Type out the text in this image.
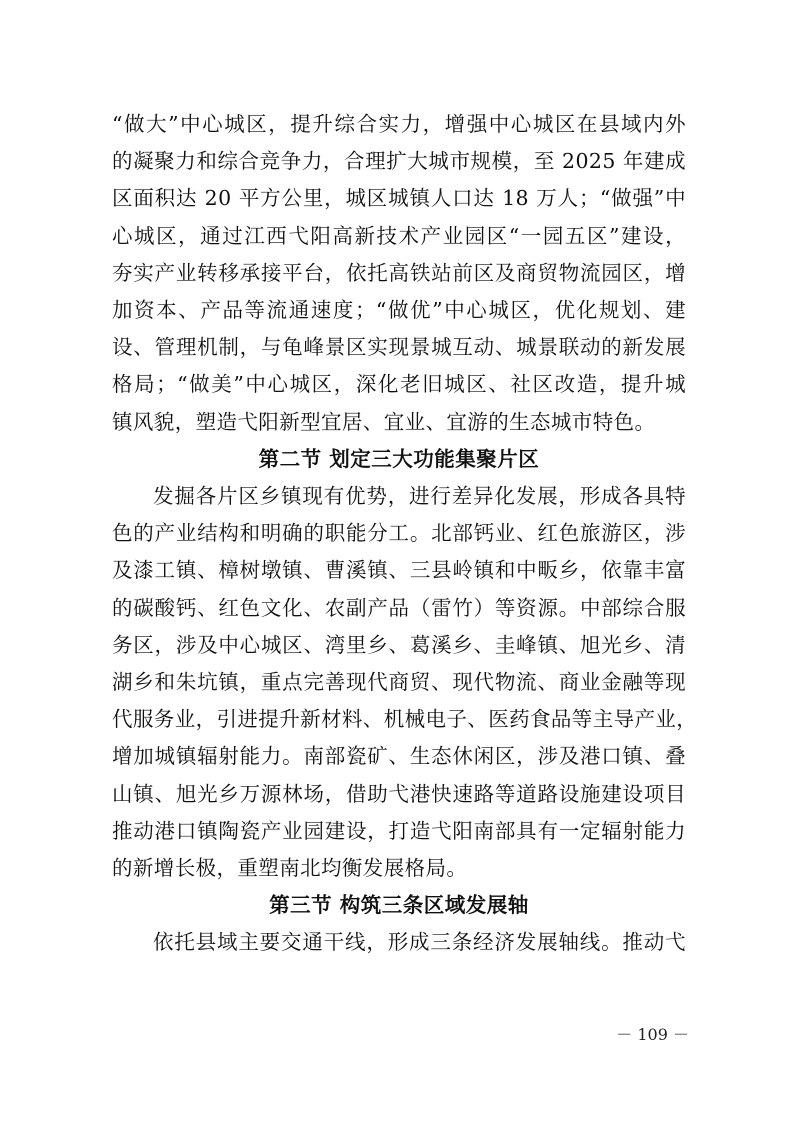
“做大”中心城区，提升综合实力，增强中心城区在县域内外

的凝聚力和综合竞争力，合理扩大城市规模，至 2025 年建成

区面积达 20 平方公里，城区城镇人口达 18 万人；“做强”中

心城区，通过江西弋阳高新技术产业园区“一园五区”建设，

夯实产业转移承接平台，依托高铁站前区及商贸物流园区，增

加资本、产品等流通速度；“做优”中心城区，优化规划、建

设、管理机制，与龟峰景区实现景城互动、城景联动的新发展

格局；“做美”中心城区，深化老旧城区、社区改造，提升城

镇风貌，塑造弋阳新型宜居、宜业、宜游的生态城市特色。

第二节 划定三大功能集聚片区

发掘各片区乡镇现有优势，进行差异化发展，形成各具特

色的产业结构和明确的职能分工。北部钙业、红色旅游区，涉

及漆工镇、樟树墩镇、曹溪镇、三县岭镇和中畈乡，依靠丰富

的碳酸钙、红色文化、农副产品（雷竹）等资源。中部综合服

务区，涉及中心城区、湾里乡、葛溪乡、圭峰镇、旭光乡、清

湖乡和朱坑镇，重点完善现代商贸、现代物流、商业金融等现

代服务业，引进提升新材料、机械电子、医药食品等主导产业，

增加城镇辐射能力。南部瓷矿、生态休闲区，涉及港口镇、叠

山镇、旭光乡万源林场，借助弋港快速路等道路设施建设项目

推动港口镇陶瓷产业园建设，打造弋阳南部具有一定辐射能力

的新增长极，重塑南北均衡发展格局。

第三节 构筑三条区域发展轴

依托县域主要交通干线，形成三条经济发展轴线。推动弋

－ 109 －
